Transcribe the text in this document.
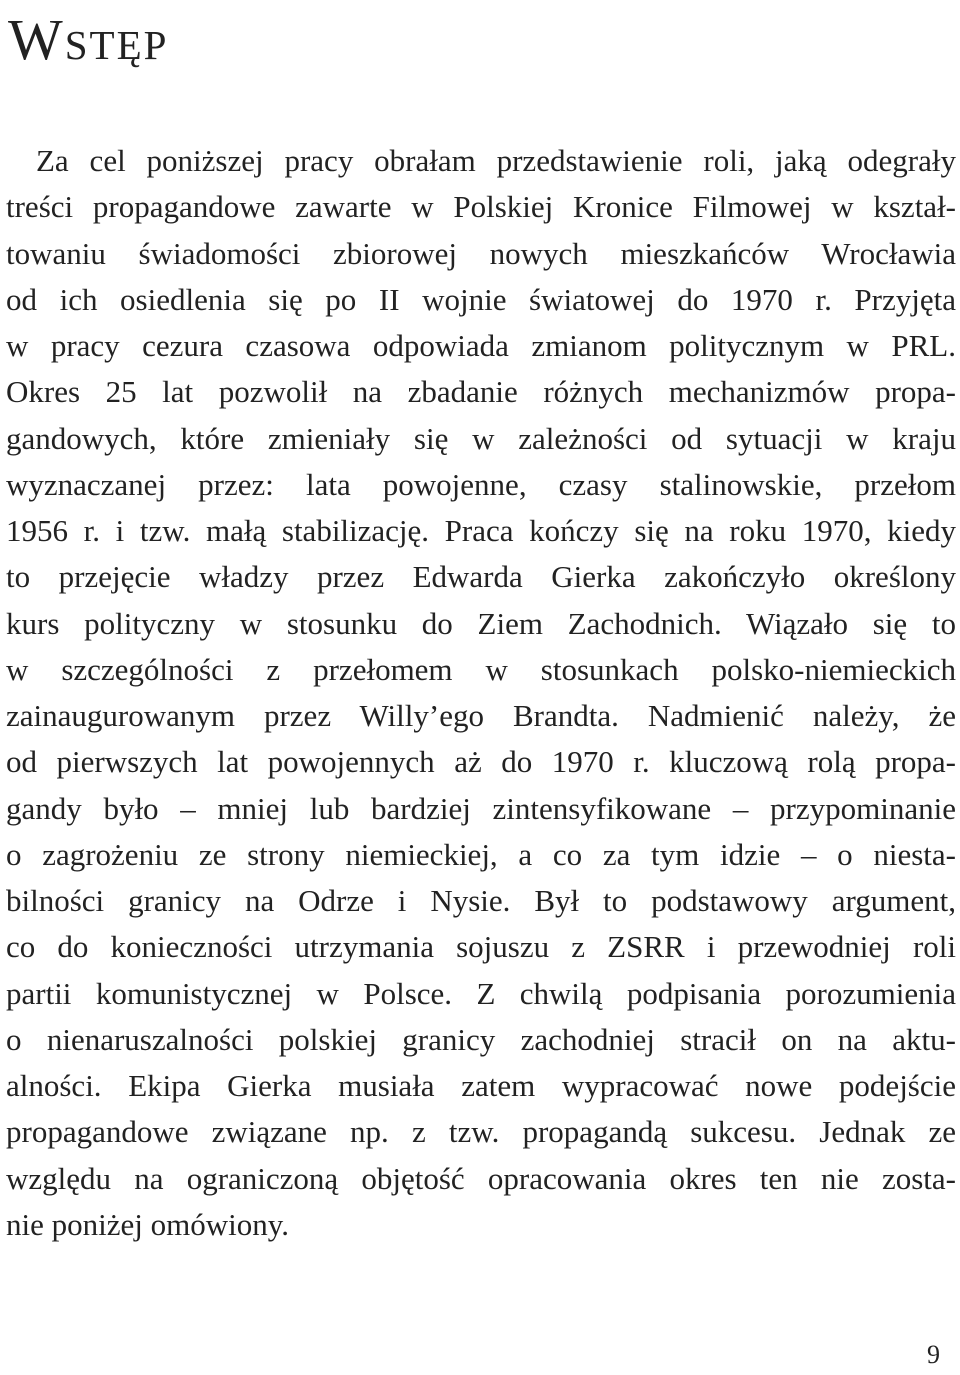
Wstęp
Za cel poniższej pracy obrałam przedstawienie roli, jaką odegrały
treści propagandowe zawarte w Polskiej Kronice Filmowej w kształ-
towaniu świadomości zbiorowej nowych mieszkańców Wrocławia
od ich osiedlenia się po II wojnie światowej do 1970 r. Przyjęta
w pracy cezura czasowa odpowiada zmianom politycznym w PRL.
Okres 25 lat pozwolił na zbadanie różnych mechanizmów propa-
gandowych, które zmieniały się w zależności od sytuacji w kraju
wyznaczanej przez: lata powojenne, czasy stalinowskie, przełom
1956 r. i tzw. małą stabilizację. Praca kończy się na roku 1970, kiedy
to przejęcie władzy przez Edwarda Gierka zakończyło określony
kurs polityczny w stosunku do Ziem Zachodnich. Wiązało się to
w szczególności z przełomem w stosunkach polsko-niemieckich
zainaugurowanym przez Willy’ego Brandta. Nadmienić należy, że
od pierwszych lat powojennych aż do 1970 r. kluczową rolą propa-
gandy było – mniej lub bardziej zintensyfikowane – przypominanie
o zagrożeniu ze strony niemieckiej, a co za tym idzie – o niesta-
bilności granicy na Odrze i Nysie. Był to podstawowy argument,
co do konieczności utrzymania sojuszu z ZSRR i przewodniej roli
partii komunistycznej w Polsce. Z chwilą podpisania porozumienia
o nienaruszalności polskiej granicy zachodniej stracił on na aktu-
alności. Ekipa Gierka musiała zatem wypracować nowe podejście
propagandowe związane np. z tzw. propagandą sukcesu. Jednak ze
względu na ograniczoną objętość opracowania okres ten nie zosta-
nie poniżej omówiony.
9
